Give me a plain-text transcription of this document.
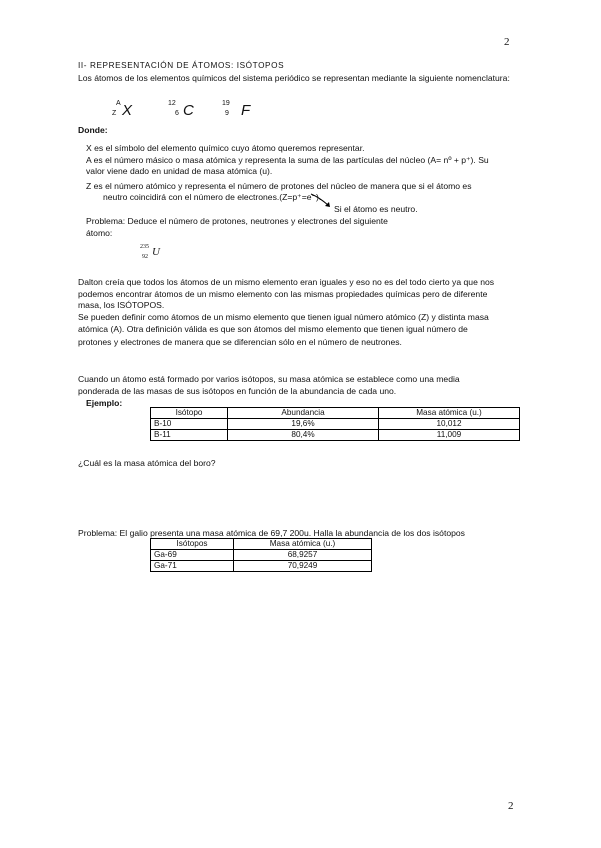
2
II- REPRESENTACIÓN DE ÁTOMOS: ISÓTOPOS
Los átomos de los elementos químicos del sistema periódico se representan mediante la siguiente nomenclatura:
A
Z X	12
6 C	19
9 F
Donde:
X es el símbolo del elemento químico cuyo átomo queremos representar.
A es el número másico o masa atómica y representa la suma de las partículas del núcleo (A= nº + p⁺). Su
valor viene dado en unidad de masa atómica (u).
Z es el número atómico y representa el número de protones del núcleo de manera que si el átomo es
neutro coincidirá con el número de electrones.(Z=p⁺=e⁻).
Si el átomo es neutro.
Problema: Deduce el número de protones, neutrones y electrones del siguiente
átomo:
235
92 U
Dalton creía que todos los átomos de un mismo elemento eran iguales y eso no es del todo cierto ya que nos
podemos encontrar átomos de un mismo elemento con las mismas propiedades químicas pero de diferente
masa, los ISÓTOPOS.
Se pueden definir como átomos de un mismo elemento que tienen igual número atómico (Z) y distinta masa
atómica (A). Otra definición válida es que son átomos del mismo elemento que tienen igual número de
protones y electrones de manera que se diferencian sólo en el número de neutrones.
Cuando un átomo está formado por varios isótopos, su masa atómica se establece como una media
ponderada de las masas de sus isótopos en función de la abundancia de cada uno.
Ejemplo:
Isótopo	Abundancia	Masa atómica (u.)
B-10	19,6%	10,012
B-11	80,4%	11,009
¿Cuál es la masa atómica del boro?
Problema: El galio presenta una masa atómica de 69,7 200u. Halla la abundancia de los dos isótopos
Isótopos	Masa atómica (u.)
Ga-69	68,9257
Ga-71	70,9249
2
